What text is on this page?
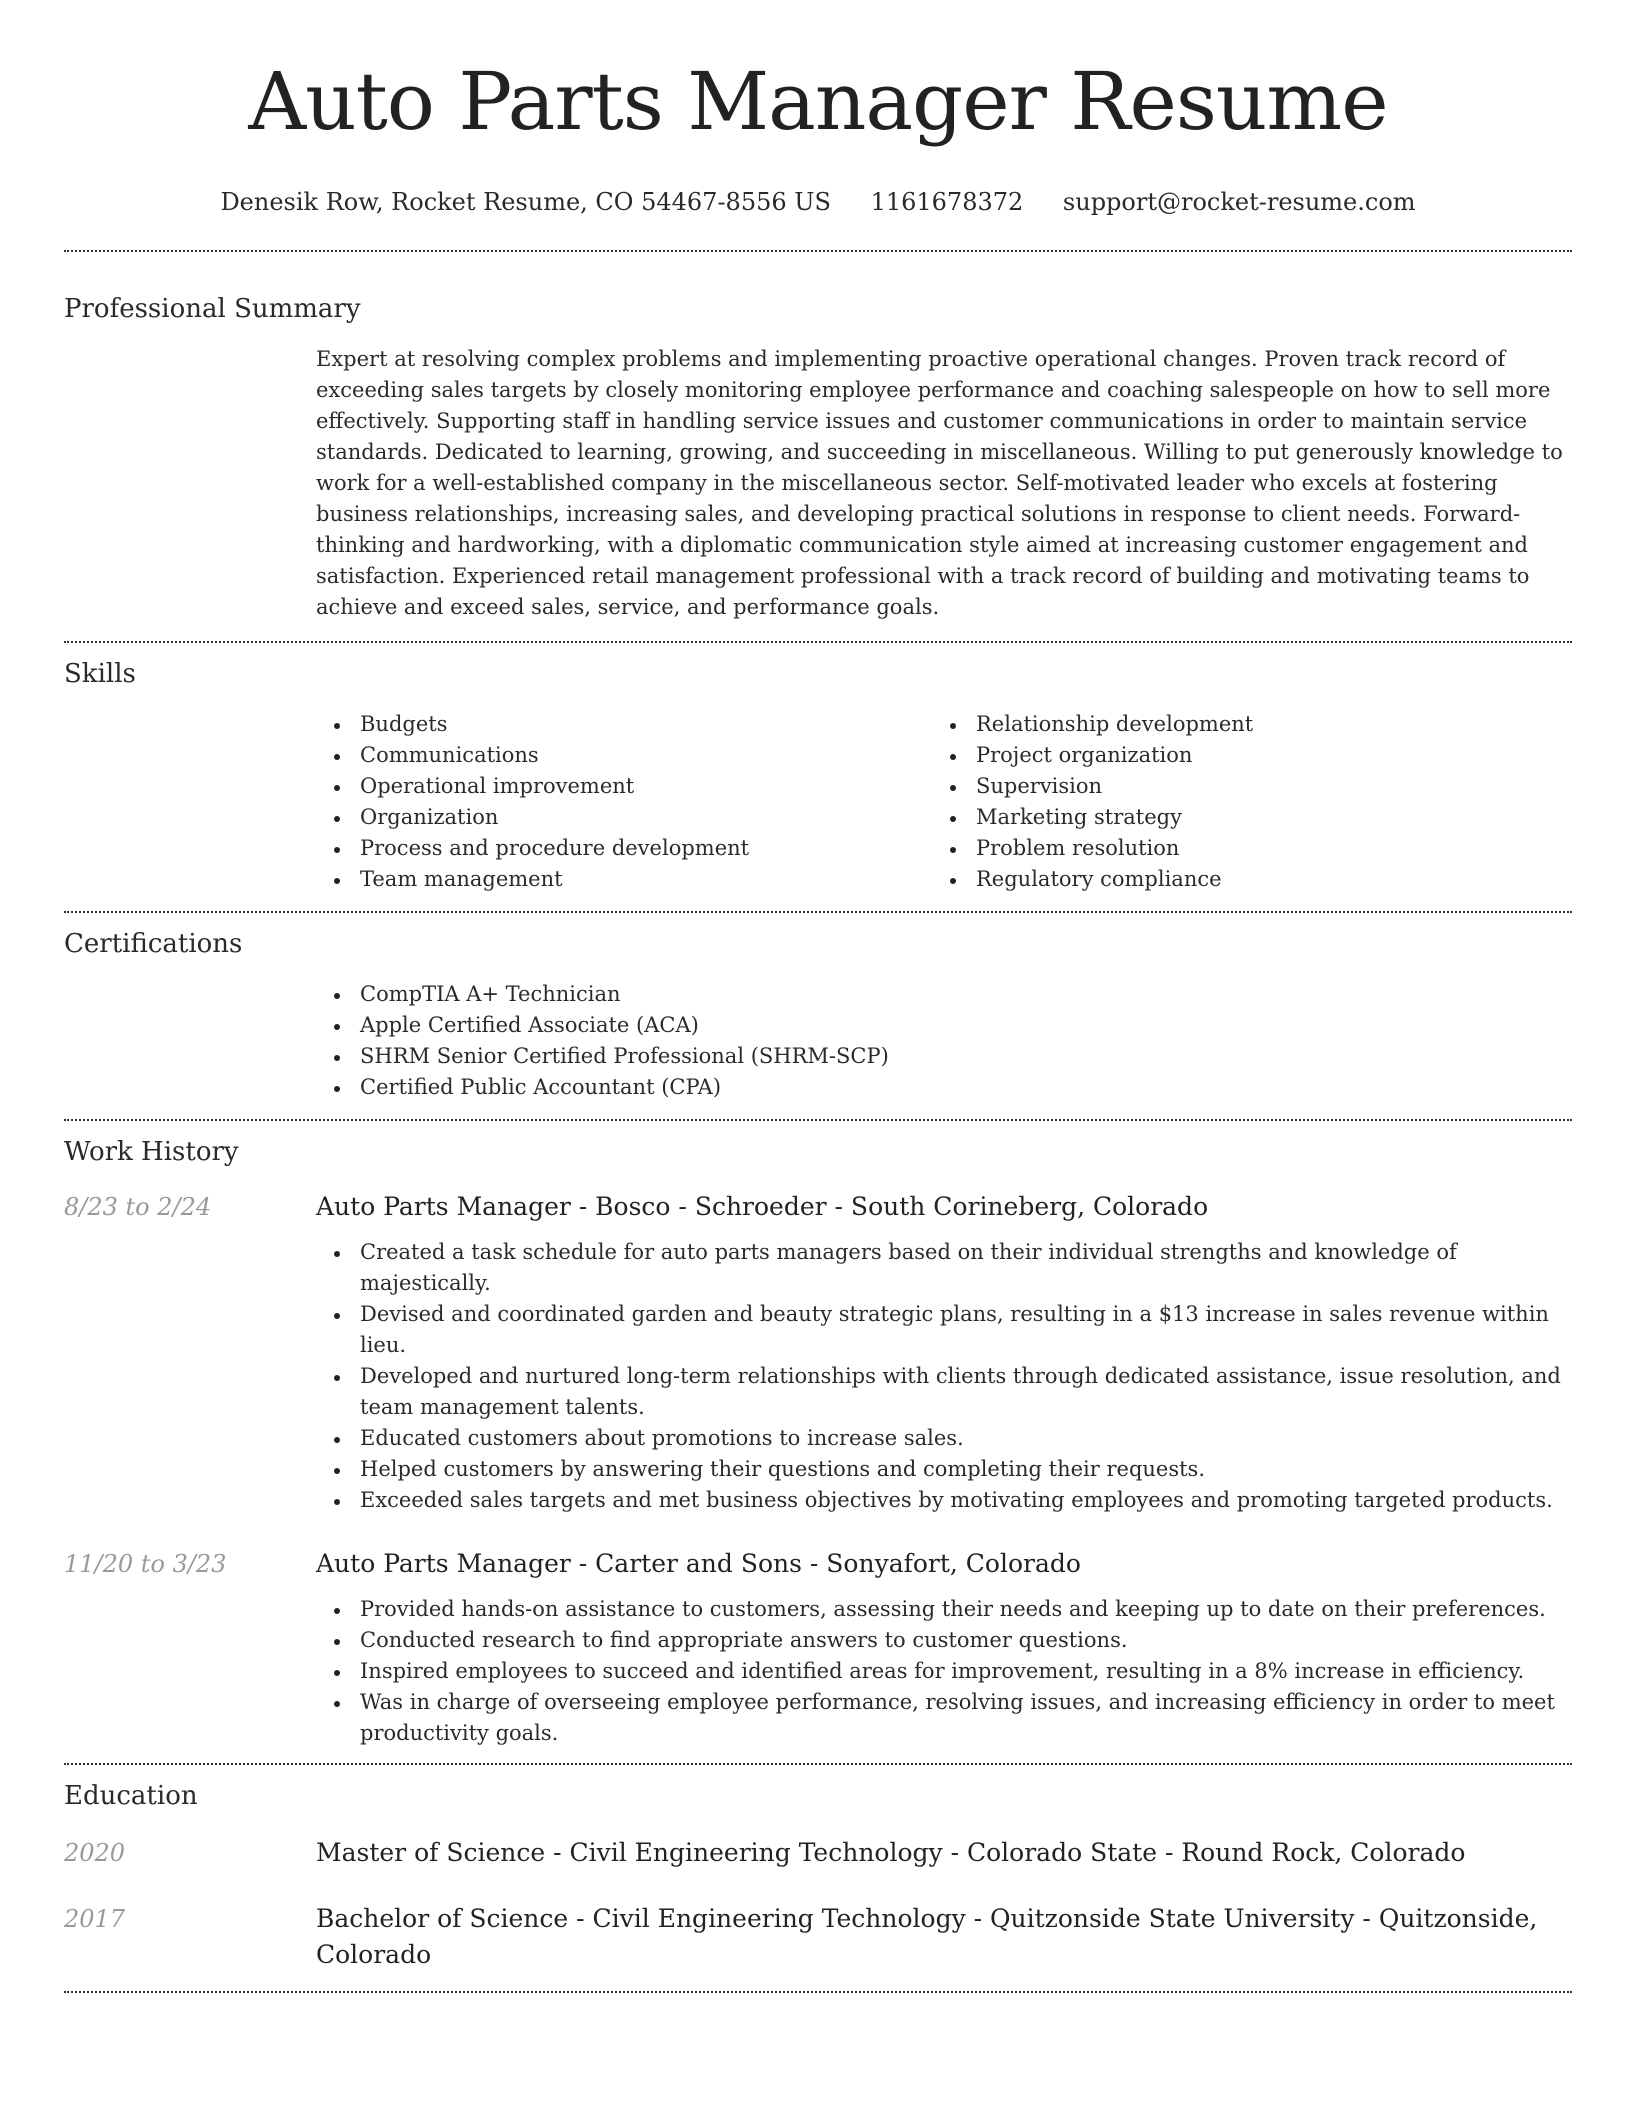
Auto Parts Manager Resume
Denesik Row, Rocket Resume, CO 54467-8556 US 1161678372 support@rocket-resume.com
Professional Summary

Expert at resolving complex problems and implementing proactive operational changes. Proven track record of exceeding sales targets by closely monitoring employee performance and coaching salespeople on how to sell more effectively. Supporting staff in handling service issues and customer communications in order to maintain service standards. Dedicated to learning, growing, and succeeding in miscellaneous. Willing to put generously knowledge to work for a well-established company in the miscellaneous sector. Self-motivated leader who excels at fostering business relationships, increasing sales, and developing practical solutions in response to client needs. Forward-thinking and hardworking, with a diplomatic communication style aimed at increasing customer engagement and satisfaction. Experienced retail management professional with a track record of building and motivating teams to achieve and exceed sales, service, and performance goals.

Skills
Budgets
Communications
Operational improvement
Organization
Process and procedure development
Team management
Relationship development
Project organization
Supervision
Marketing strategy
Problem resolution
Regulatory compliance
Certifications
CompTIA A+ Technician
Apple Certified Associate (ACA)
SHRM Senior Certified Professional (SHRM-SCP)
Certified Public Accountant (CPA)
Work History
8/23 to 2/24	Auto Parts Manager - Bosco - Schroeder - South Corineberg, Colorado
Created a task schedule for auto parts managers based on their individual strengths and knowledge of majestically.
Devised and coordinated garden and beauty strategic plans, resulting in a $13 increase in sales revenue within lieu.
Developed and nurtured long-term relationships with clients through dedicated assistance, issue resolution, and team management talents.
Educated customers about promotions to increase sales.
Helped customers by answering their questions and completing their requests.
Exceeded sales targets and met business objectives by motivating employees and promoting targeted products.
11/20 to 3/23	Auto Parts Manager - Carter and Sons - Sonyafort, Colorado
Provided hands-on assistance to customers, assessing their needs and keeping up to date on their preferences.
Conducted research to find appropriate answers to customer questions.
Inspired employees to succeed and identified areas for improvement, resulting in a 8% increase in efficiency.
Was in charge of overseeing employee performance, resolving issues, and increasing efficiency in order to meet productivity goals.
Education
2020	Master of Science - Civil Engineering Technology - Colorado State - Round Rock, Colorado
2017	Bachelor of Science - Civil Engineering Technology - Quitzonside State University - Quitzonside, Colorado
